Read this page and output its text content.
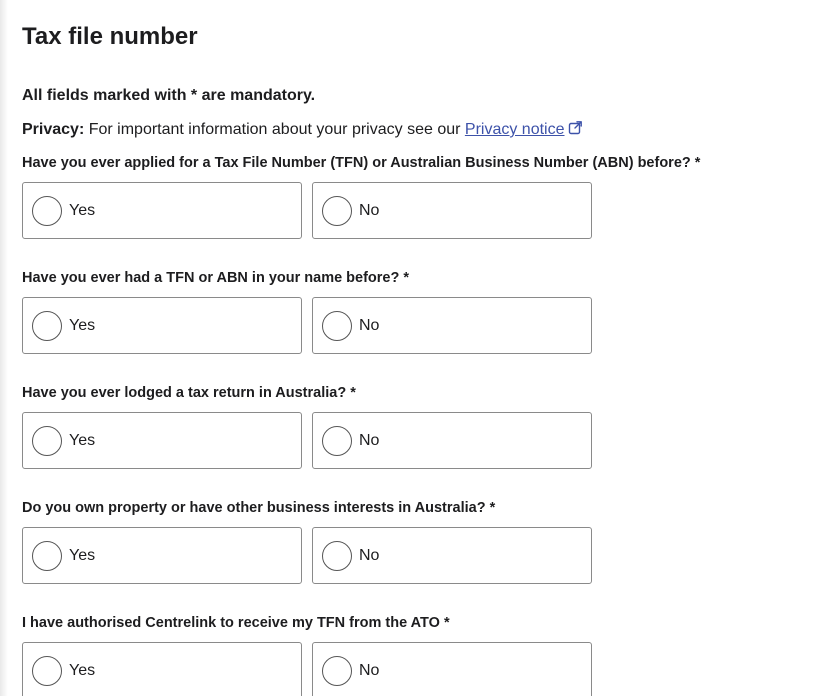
Tax file number
All fields marked with * are mandatory.
Privacy: For important information about your privacy see our Privacy notice
Have you ever applied for a Tax File Number (TFN) or Australian Business Number (ABN) before? *
Yes	No
Have you ever had a TFN or ABN in your name before? *
Yes	No
Have you ever lodged a tax return in Australia? *
Yes	No
Do you own property or have other business interests in Australia? *
Yes	No
I have authorised Centrelink to receive my TFN from the ATO *
Yes	No
